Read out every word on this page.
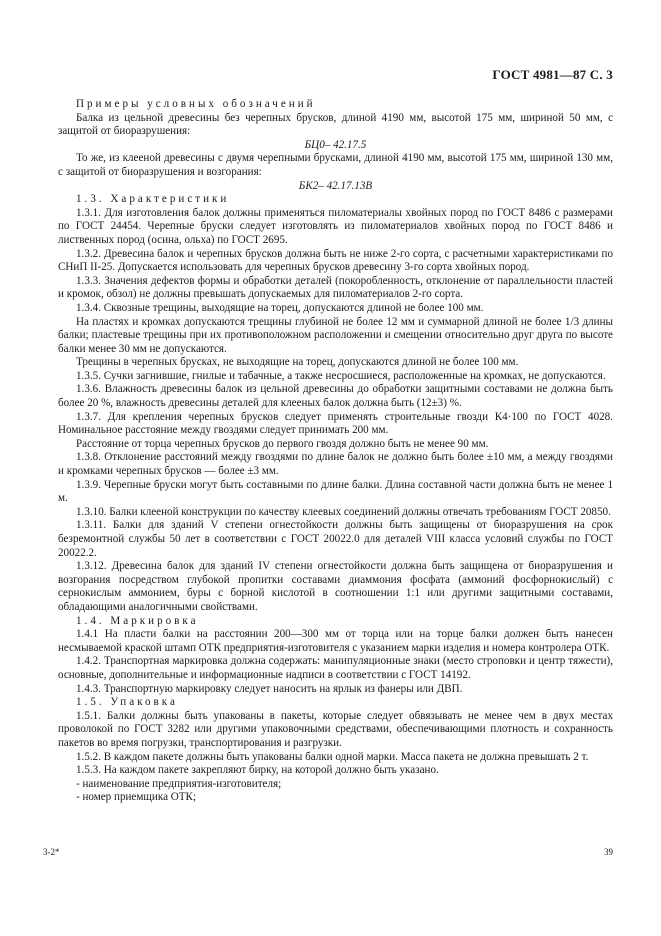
ГОСТ 4981—87 С. 3

Примеры условных обозначений

Балка из цельной древесины без черепных брусков, длиной 4190 мм, высотой 175 мм, шириной 50 мм, с защитой от биоразрушения:

БЦ0– 42.17.5

То же, из клееной древесины с двумя черепными брусками, длиной 4190 мм, высотой 175 мм, шириной 130 мм, с защитой от биоразрушения и возгорания:

БК2– 42.17.13В

1.3. Характеристики

1.3.1. Для изготовления балок должны применяться пиломатериалы хвойных пород по ГОСТ 8486 с размерами по ГОСТ 24454. Черепные бруски следует изготовлять из пиломатериалов хвойных пород по ГОСТ 8486 и лиственных пород (осина, ольха) по ГОСТ 2695.

1.3.2. Древесина балок и черепных брусков должна быть не ниже 2-го сорта, с расчетными характеристиками по СНиП II-25. Допускается использовать для черепных брусков древесину 3-го сорта хвойных пород.

1.3.3. Значения дефектов формы и обработки деталей (покоробленность, отклонение от параллельности пластей и кромок, обзол) не должны превышать допускаемых для пиломатериалов 2-го сорта.

1.3.4. Сквозные трещины, выходящие на торец, допускаются длиной не более 100 мм.

На пластях и кромках допускаются трещины глубиной не более 12 мм и суммарной длиной не более 1/3 длины балки; пластевые трещины при их противоположном расположении и смещении относительно друг друга по высоте балки менее 30 мм не допускаются.

Трещины в черепных брусках, не выходящие на торец, допускаются длиной не более 100 мм.

1.3.5. Сучки загнившие, гнилые и табачные, а также несросшиеся, расположенные на кромках, не допускаются.

1.3.6. Влажность древесины балок из цельной древесины до обработки защитными составами не должна быть более 20 %, влажность древесины деталей для клееных балок должна быть (12±3) %.

1.3.7. Для крепления черепных брусков следует применять строительные гвозди К4·100 по ГОСТ 4028. Номинальное расстояние между гвоздями следует принимать 200 мм.

Расстояние от торца черепных брусков до первого гвоздя должно быть не менее 90 мм.

1.3.8. Отклонение расстояний между гвоздями по длине балок не должно быть более ±10 мм, а между гвоздями и кромками черепных брусков — более ±3 мм.

1.3.9. Черепные бруски могут быть составными по длине балки. Длина составной части должна быть не менее 1 м.

1.3.10. Балки клееной конструкции по качеству клеевых соединений должны отвечать требованиям ГОСТ 20850.

1.3.11. Балки для зданий V степени огнестойкости должны быть защищены от биоразрушения на срок безремонтной службы 50 лет в соответствии с ГОСТ 20022.0 для деталей VIII класса условий службы по ГОСТ 20022.2.

1.3.12. Древесина балок для зданий IV степени огнестойкости должна быть защищена от биоразрушения и возгорания посредством глубокой пропитки составами диаммония фосфата (аммоний фосфорнокислый) с сернокислым аммонием, буры с борной кислотой в соотношении 1:1 или другими защитными составами, обладающими аналогичными свойствами.

1.4. Маркировка

1.4.1 На пласти балки на расстоянии 200—300 мм от торца или на торце балки должен быть нанесен несмываемой краской штамп ОТК предприятия-изготовителя с указанием марки изделия и номера контролера ОТК.

1.4.2. Транспортная маркировка должна содержать: манипуляционные знаки (место строповки и центр тяжести), основные, дополнительные и информационные надписи в соответствии с ГОСТ 14192.

1.4.3. Транспортную маркировку следует наносить на ярлык из фанеры или ДВП.

1.5. Упаковка

1.5.1. Балки должны быть упакованы в пакеты, которые следует обвязывать не менее чем в двух местах проволокой по ГОСТ 3282 или другими упаковочными средствами, обеспечивающими плотность и сохранность пакетов во время погрузки, транспортирования и разгрузки.

1.5.2. В каждом пакете должны быть упакованы балки одной марки. Масса пакета не должна превышать 2 т.

1.5.3. На каждом пакете закрепляют бирку, на которой должно быть указано.

- наименование предприятия-изготовителя;

- номер приемщика ОТК;

3-2*	39
